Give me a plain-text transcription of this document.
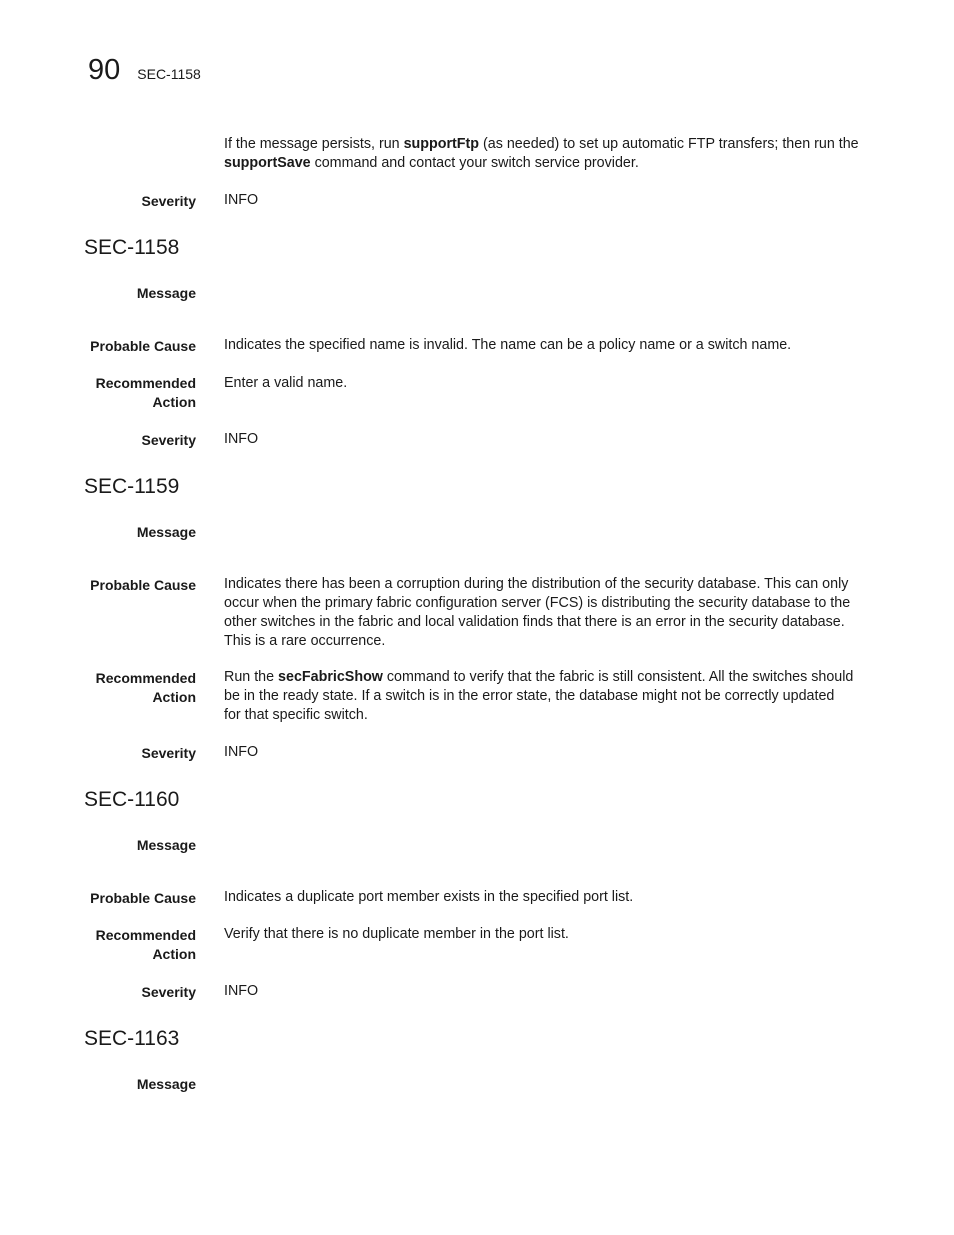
90 SEC-1158
If the message persists, run supportFtp (as needed) to set up automatic FTP transfers; then run the
supportSave command and contact your switch service provider.
Severity INFO
SEC-1158
Message
Probable Cause Indicates the specified name is invalid. The name can be a policy name or a switch name.
Recommended
Action
Enter a valid name.
Severity INFO
SEC-1159
Message
Probable Cause Indicates there has been a corruption during the distribution of the security database. This can only
occur when the primary fabric configuration server (FCS) is distributing the security database to the
other switches in the fabric and local validation finds that there is an error in the security database.
This is a rare occurrence.
Recommended
Action
Run the secFabricShow command to verify that the fabric is still consistent. All the switches should
be in the ready state. If a switch is in the error state, the database might not be correctly updated
for that specific switch.
Severity INFO
SEC-1160
Message
Probable Cause Indicates a duplicate port member exists in the specified port list.
Recommended
Action
Verify that there is no duplicate member in the port list.
Severity INFO
SEC-1163
Message
